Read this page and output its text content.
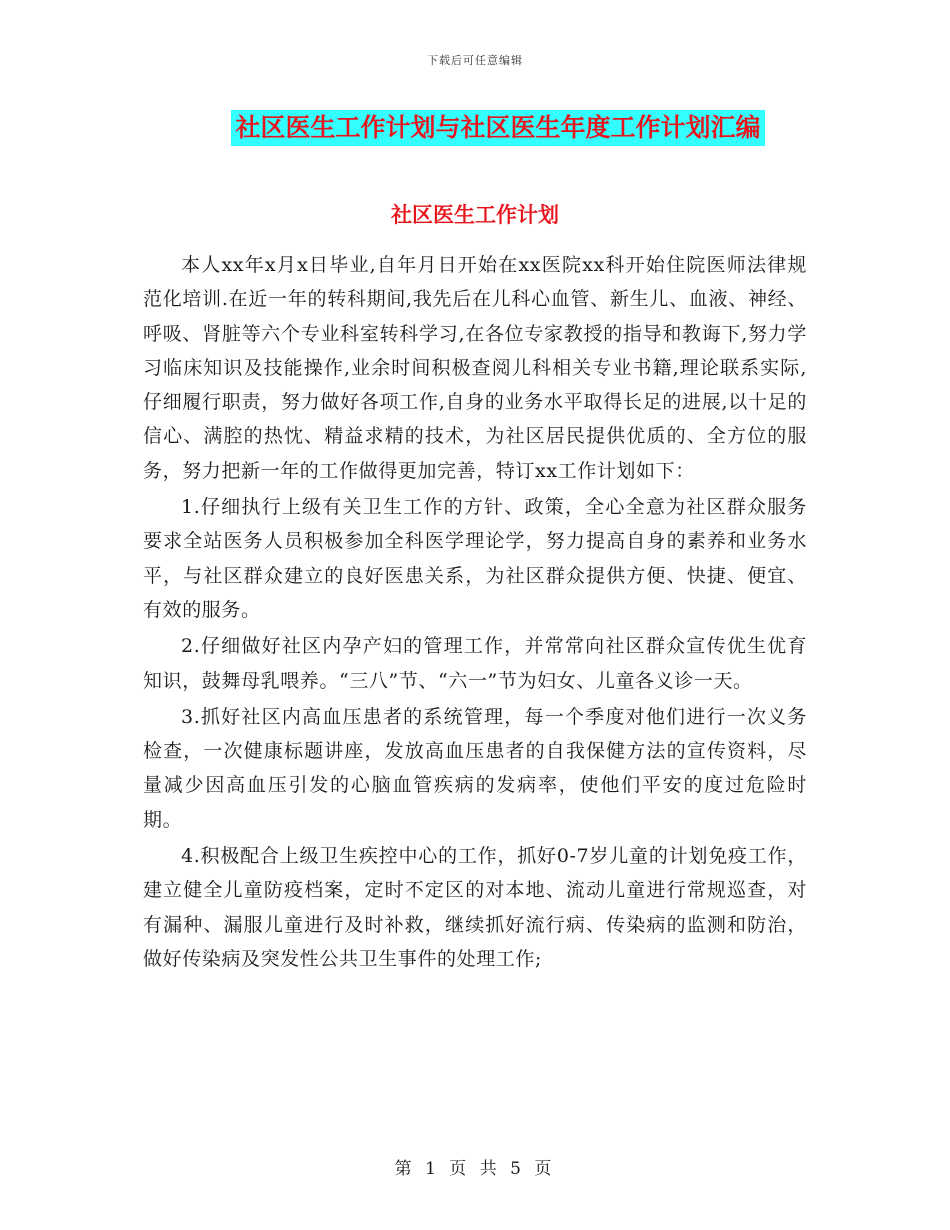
下载后可任意编辑
社区医生工作计划与社区医生年度工作计划汇编
社区医生工作计划

本人xx年x月x日毕业,自年月日开始在xx医院xx科开始住院医师法律规范化培训.在近一年的转科期间,我先后在儿科心血管、新生儿、血液、神经、呼吸、肾脏等六个专业科室转科学习,在各位专家教授的指导和教诲下,努力学习临床知识及技能操作,业余时间积极查阅儿科相关专业书籍,理论联系实际,仔细履行职责，努力做好各项工作,自身的业务水平取得长足的进展,以十足的信心、满腔的热忱、精益求精的技术，为社区居民提供优质的、全方位的服务，努力把新一年的工作做得更加完善，特订xx工作计划如下：

1.仔细执行上级有关卫生工作的方针、政策，全心全意为社区群众服务要求全站医务人员积极参加全科医学理论学，努力提高自身的素养和业务水平，与社区群众建立的良好医患关系，为社区群众提供方便、快捷、便宜、有效的服务。

2.仔细做好社区内孕产妇的管理工作，并常常向社区群众宣传优生优育知识，鼓舞母乳喂养。“三八”节、“六一”节为妇女、儿童各义诊一天。

3.抓好社区内高血压患者的系统管理，每一个季度对他们进行一次义务检查，一次健康标题讲座，发放高血压患者的自我保健方法的宣传资料，尽量减少因高血压引发的心脑血管疾病的发病率，使他们平安的度过危险时期。

4.积极配合上级卫生疾控中心的工作，抓好0-7岁儿童的计划免疫工作，建立健全儿童防疫档案，定时不定区的对本地、流动儿童进行常规巡查，对有漏种、漏服儿童进行及时补救，继续抓好流行病、传染病的监测和防治，做好传染病及突发性公共卫生事件的处理工作;

第 1 页 共 5 页
